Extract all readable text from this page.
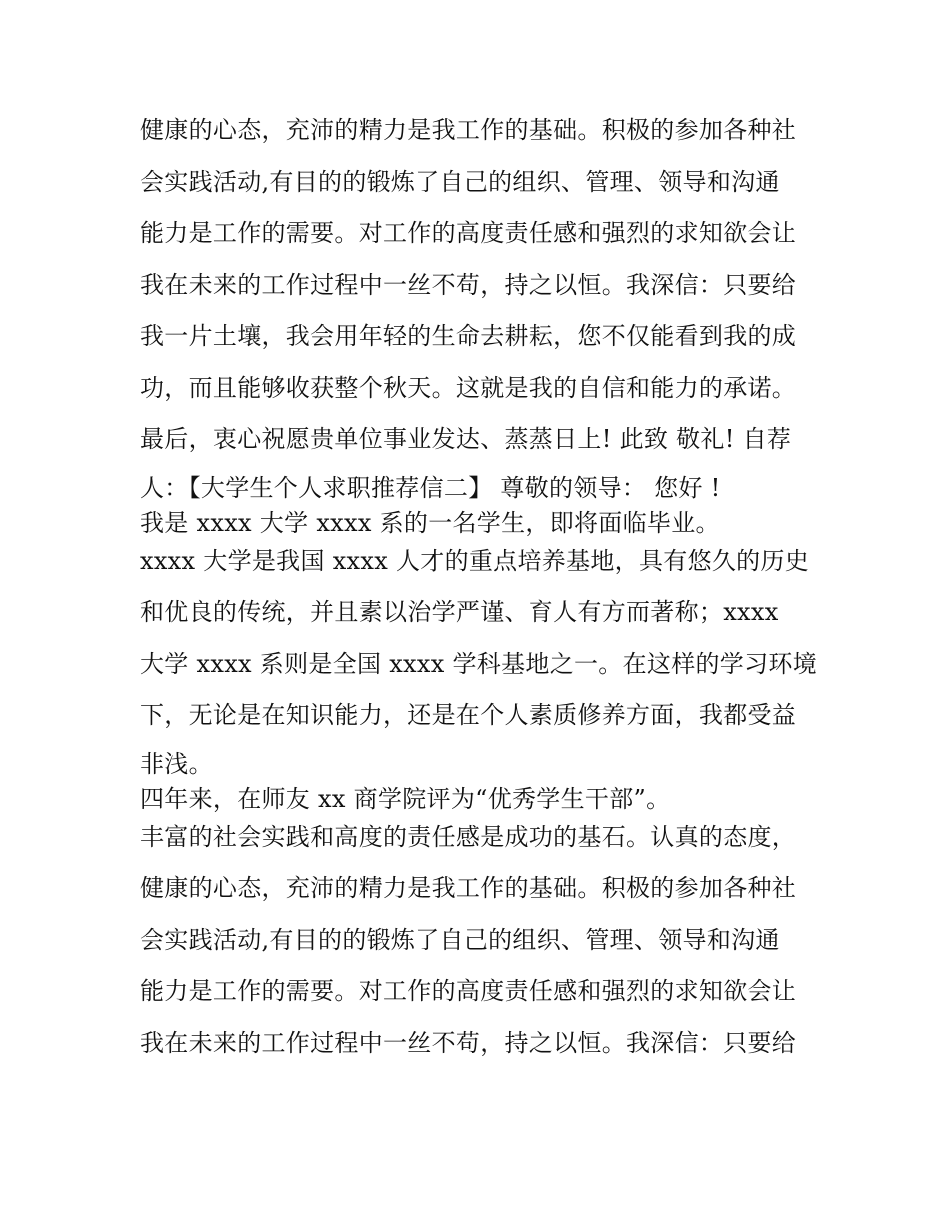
健康的心态，充沛的精力是我工作的基础。积极的参加各种社
会实践活动,有目的的锻炼了自己的组织、管理、领导和沟通
能力是工作的需要。对工作的高度责任感和强烈的求知欲会让
我在未来的工作过程中一丝不苟，持之以恒。我深信：只要给
我一片土壤，我会用年轻的生命去耕耘，您不仅能看到我的成
功，而且能够收获整个秋天。这就是我的自信和能力的承诺。
最后，衷心祝愿贵单位事业发达、蒸蒸日上! 此致 敬礼! 自荐
人：【大学生个人求职推荐信二】 尊敬的领导： 您好 !
我是 xxxx 大学 xxxx 系的一名学生，即将面临毕业。
xxxx 大学是我国 xxxx 人才的重点培养基地，具有悠久的历史
和优良的传统，并且素以治学严谨、育人有方而著称；xxxx
大学 xxxx 系则是全国 xxxx 学科基地之一。在这样的学习环境
下，无论是在知识能力，还是在个人素质修养方面，我都受益
非浅。
四年来，在师友 xx 商学院评为“优秀学生干部”。
丰富的社会实践和高度的责任感是成功的基石。认真的态度，
健康的心态，充沛的精力是我工作的基础。积极的参加各种社
会实践活动,有目的的锻炼了自己的组织、管理、领导和沟通
能力是工作的需要。对工作的高度责任感和强烈的求知欲会让
我在未来的工作过程中一丝不苟，持之以恒。我深信：只要给
